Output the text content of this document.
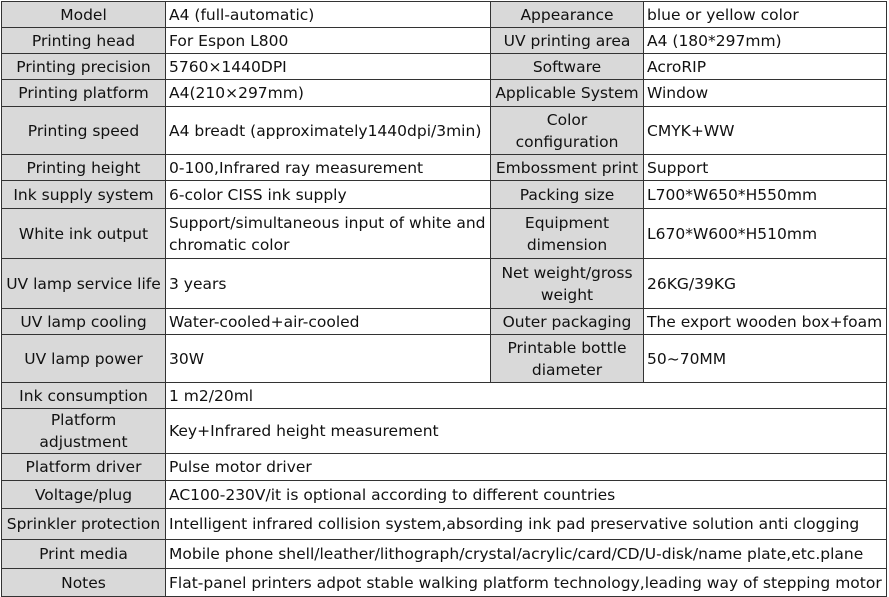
Model	A4 (full-automatic)	Appearance	blue or yellow color
Printing head	For Espon L800	UV printing area	A4 (180*297mm)
Printing precision	5760×1440DPI	Software	AcroRIP
Printing platform	A4(210×297mm)	Applicable System	Window
Printing speed	A4 breadt (approximately1440dpi/3min)	Color configuration	CMYK+WW
Printing height	0-100,Infrared ray measurement	Embossment print	Support
Ink supply system	6-color CISS ink supply	Packing size	L700*W650*H550mm
White ink output	Support/simultaneous input of white and chromatic color	Equipment dimension	L670*W600*H510mm
UV lamp service life	3 years	Net weight/gross weight	26KG/39KG
UV lamp cooling	Water-cooled+air-cooled	Outer packaging	The export wooden box+foam
UV lamp power	30W	Printable bottle diameter	50~70MM
Ink consumption	1 m2/20ml		
Platform adjustment	Key+Infrared height measurement		
Platform driver	Pulse motor driver		
Voltage/plug	AC100-230V/it is optional according to different countries		
Sprinkler protection	Intelligent infrared collision system,absording ink pad preservative solution anti clogging		
Print media	Mobile phone shell/leather/lithograph/crystal/acrylic/card/CD/U-disk/name plate,etc.plane		
Notes	Flat-panel printers adpot stable walking platform technology,leading way of stepping motor		
